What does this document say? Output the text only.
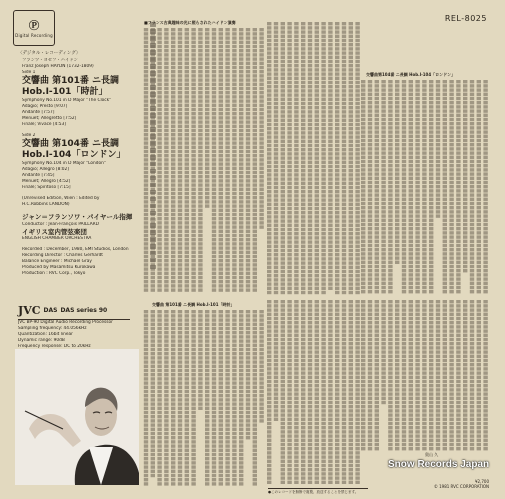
℗
Digital Recording
REL-8025
〈デジタル・レコーディング〉
フランツ・ヨゼフ・ハイドン
Franz Joseph HAYDN (1732-1809)
Side 1
交響曲 第101番 ニ長調
Hob.Ⅰ-101「時計」
Symphony No.101 in D Major "The Clock"
Adagio; Presto [9:07]
Andante [7:57]
Menuet; Allegretto [7:52]
Finale; Vivace [4:53]
Side 2
交響曲 第104番 ニ長調
Hob.Ⅰ-104「ロンドン」
Symphony No.104 in D Major "London"
Adagio; Allegro [8:02]
Andante [7:45]
Menuet; Allegro [4:52]
Finale; Spiritoso [7:15]
(Unrevised Edition, Wien : Edited by
H.C.Robbins LANDON)
ジャン＝フランソワ・パイヤール指揮
Conductor : Jean-François PAILLARD
イギリス室内管弦楽団
ENGLISH CHAMBER ORCHESTRA
Recorded : December, 1980, EMI Studios, London
Recording Director : Charles Gerhardt
Balance Engineer : Michael Gray
Produced by Masamitsu Kurokawa
Production : RVC Corp., Tokyo
JVC DAS DAS series 90
JVC BP-90 Digital Audio Recording Processor
Sampling frequency: 44.056kHz
Quantization: 16bit linear
Dynamic range: 90dB
Frequency response: DC to 20kHz
■フランス古典趣味の光に照らされたハイドン演奏
交響曲 第101番 ニ長調 Hob.Ⅰ-101「時計」
交響曲第104番 ニ長調 Hob.Ⅰ-104「ロンドン」
●このレコードを無断で複製、放送することを禁じます。
奥山 久
Snow Records Japan
¥2,700
© 1981 RVC CORPORATION
